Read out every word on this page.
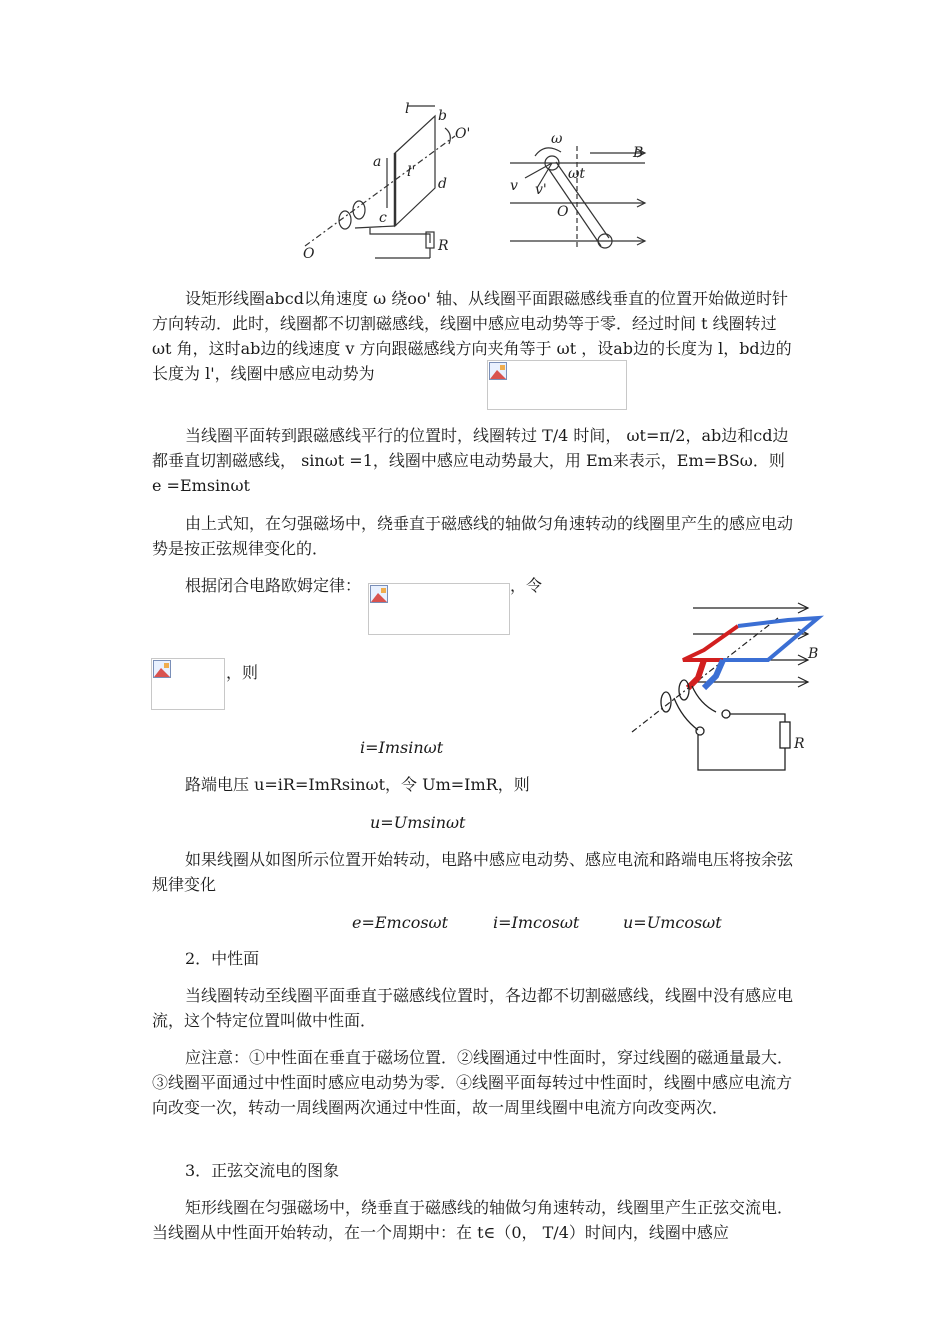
l b
O'
a
l'
d
c
O	R
ω
B
ωt
v v'
O

设矩形线圈abcd以角速度 ω 绕oo' 轴、从线圈平面跟磁感线垂直的位置开始做逆时针方向转动．此时，线圈都不切割磁感线，线圈中感应电动势等于零．经过时间 t 线圈转过 ωt 角，这时ab边的线速度 v 方向跟磁感线方向夹角等于 ωt ，设ab边的长度为 l，bd边的长度为 l'，线圈中感应电动势为

当线圈平面转到跟磁感线平行的位置时，线圈转过 T/4 时间， ωt=π/2，ab边和cd边都垂直切割磁感线， sinωt =1，线圈中感应电动势最大，用 Em来表示，Em=BSω．则 e =Emsinωt

由上式知，在匀强磁场中，绕垂直于磁感线的轴做匀角速转动的线圈里产生的感应电动势是按正弦规律变化的．

根据闭合电路欧姆定律：	，令
，则
B
R

i=Imsinωt

路端电压 u=iR=ImRsinωt，令 Um=ImR，则

u=Umsinωt

如果线圈从如图所示位置开始转动，电路中感应电动势、感应电流和路端电压将按余弦规律变化

e=Emcosωt	i=Imcosωt	u=Umcosωt

2．中性面

当线圈转动至线圈平面垂直于磁感线位置时，各边都不切割磁感线，线圈中没有感应电流，这个特定位置叫做中性面．

应注意：①中性面在垂直于磁场位置．②线圈通过中性面时，穿过线圈的磁通量最大．③线圈平面通过中性面时感应电动势为零．④线圈平面每转过中性面时，线圈中感应电流方向改变一次，转动一周线圈两次通过中性面，故一周里线圈中电流方向改变两次．

3．正弦交流电的图象

矩形线圈在匀强磁场中，绕垂直于磁感线的轴做匀角速转动，线圈里产生正弦交流电．当线圈从中性面开始转动，在一个周期中：在 t∈（0， T/4）时间内，线圈中感应
